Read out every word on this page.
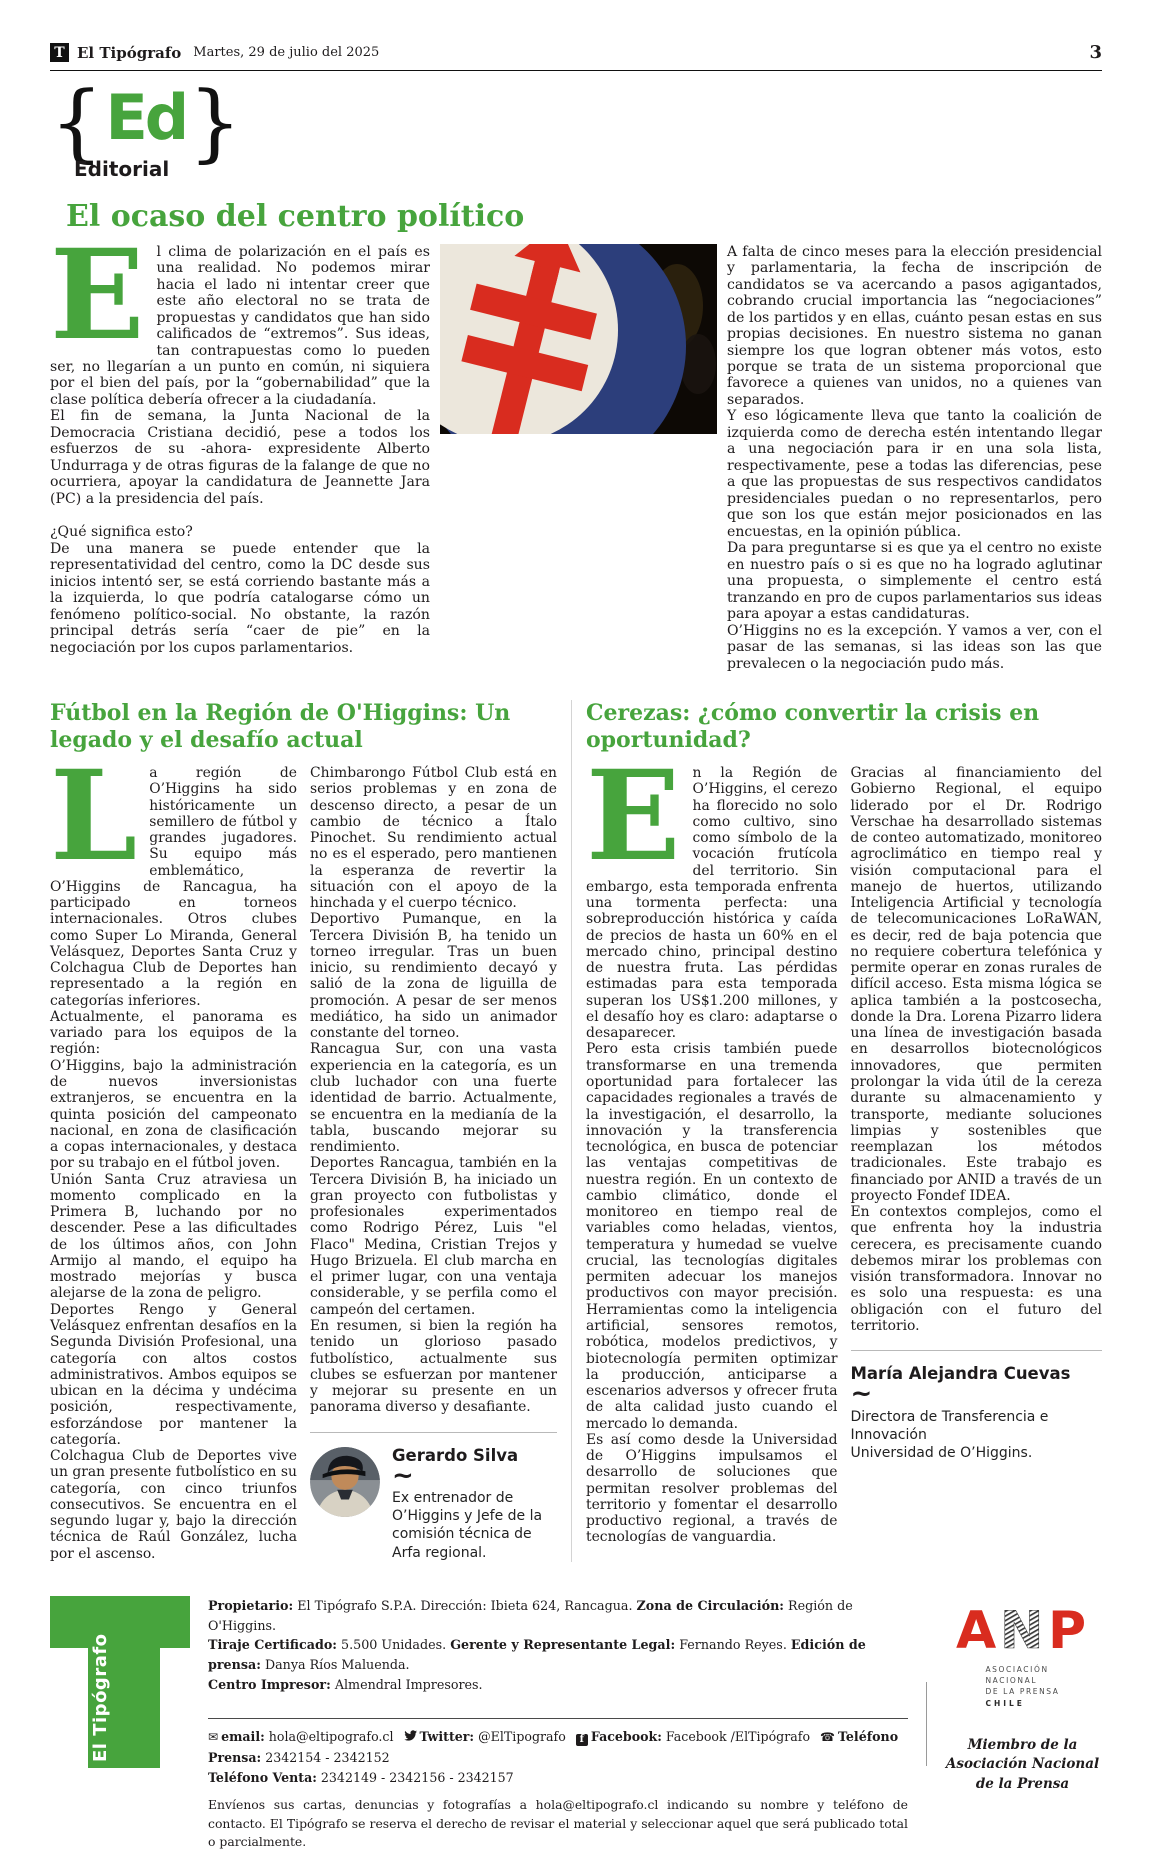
T El Tipógrafo Martes, 29 de julio del 2025	3
{ Ed }
Editorial
El ocaso del centro político

El clima de polarización en el país es una realidad. No podemos mirar hacia el lado ni intentar creer que este año electoral no se trata de propuestas y candidatos que han sido calificados de “extremos”. Sus ideas, tan contrapuestas como lo pueden ser, no llegarían a un punto en común, ni siquiera por el bien del país, por la “gobernabilidad” que la clase política debería ofrecer a la ciudadanía.

El fin de semana, la Junta Nacional de la Democracia Cristiana decidió, pese a todos los esfuerzos de su -ahora- expresidente Alberto Undurraga y de otras figuras de la falange de que no ocurriera, apoyar la candidatura de Jeannette Jara (PC) a la presidencia del país.

¿Qué significa esto?

De una manera se puede entender que la representatividad del centro, como la DC desde sus inicios intentó ser, se está corriendo bastante más a la izquierda, lo que podría catalogarse cómo un fenómeno político-social. No obstante, la razón principal detrás sería “caer de pie” en la negociación por los cupos parlamentarios.

A falta de cinco meses para la elección presidencial y parlamentaria, la fecha de inscripción de candidatos se va acercando a pasos agigantados, cobrando crucial importancia las “negociaciones” de los partidos y en ellas, cuánto pesan estas en sus propias decisiones. En nuestro sistema no ganan siempre los que logran obtener más votos, esto porque se trata de un sistema proporcional que favorece a quienes van unidos, no a quienes van separados.

Y eso lógicamente lleva que tanto la coalición de izquierda como de derecha estén intentando llegar a una negociación para ir en una sola lista, respectivamente, pese a todas las diferencias, pese a que las propuestas de sus respectivos candidatos presidenciales puedan o no representarlos, pero que son los que están mejor posicionados en las encuestas, en la opinión pública.

Da para preguntarse si es que ya el centro no existe en nuestro país o si es que no ha logrado aglutinar una propuesta, o simplemente el centro está tranzando en pro de cupos parlamentarios sus ideas para apoyar a estas candidaturas.

O’Higgins no es la excepción. Y vamos a ver, con el pasar de las semanas, si las ideas son las que prevalecen o la negociación pudo más.

Fútbol en la Región de O'Higgins: Un legado y el desafío actual

La región de O’Higgins ha sido históricamente un semillero de fútbol y grandes jugadores. Su equipo más emblemático, O’Higgins de Rancagua, ha participado en torneos internacionales. Otros clubes como Super Lo Miranda, General Velásquez, Deportes Santa Cruz y Colchagua Club de Deportes han representado a la región en categorías inferiores.

Actualmente, el panorama es variado para los equipos de la región:

O’Higgins, bajo la administración de nuevos inversionistas extranjeros, se encuentra en la quinta posición del campeonato nacional, en zona de clasificación a copas internacionales, y destaca por su trabajo en el fútbol joven.

Unión Santa Cruz atraviesa un momento complicado en la Primera B, luchando por no descender. Pese a las dificultades de los últimos años, con John Armijo al mando, el equipo ha mostrado mejorías y busca alejarse de la zona de peligro.

Deportes Rengo y General Velásquez enfrentan desafíos en la Segunda División Profesional, una categoría con altos costos administrativos. Ambos equipos se ubican en la décima y undécima posición, respectivamente, esforzándose por mantener la categoría.

Colchagua Club de Deportes vive un gran presente futbolístico en su categoría, con cinco triunfos consecutivos. Se encuentra en el segundo lugar y, bajo la dirección técnica de Raúl González, lucha por el ascenso.

Chimbarongo Fútbol Club está en serios problemas y en zona de descenso directo, a pesar de un cambio de técnico a Ítalo Pinochet. Su rendimiento actual no es el esperado, pero mantienen la esperanza de revertir la situación con el apoyo de la hinchada y el cuerpo técnico.

Deportivo Pumanque, en la Tercera División B, ha tenido un torneo irregular. Tras un buen inicio, su rendimiento decayó y salió de la zona de liguilla de promoción. A pesar de ser menos mediático, ha sido un animador constante del torneo.

Rancagua Sur, con una vasta experiencia en la categoría, es un club luchador con una fuerte identidad de barrio. Actualmente, se encuentra en la medianía de la tabla, buscando mejorar su rendimiento.

Deportes Rancagua, también en la Tercera División B, ha iniciado un gran proyecto con futbolistas y profesionales experimentados como Rodrigo Pérez, Luis "el Flaco" Medina, Cristian Trejos y Hugo Brizuela. El club marcha en el primer lugar, con una ventaja considerable, y se perfila como el campeón del certamen.

En resumen, si bien la región ha tenido un glorioso pasado futbolístico, actualmente sus clubes se esfuerzan por mantener y mejorar su presente en un panorama diverso y desafiante.

Gerardo Silva
~
Ex entrenador de O’Higgins y Jefe de la comisión técnica de Arfa regional.
Cerezas: ¿cómo convertir la crisis en oportunidad?

En la Región de O’Higgins, el cerezo ha florecido no solo como cultivo, sino como símbolo de la vocación frutícola del territorio. Sin embargo, esta temporada enfrenta una tormenta perfecta: una sobreproducción histórica y caída de precios de hasta un 60% en el mercado chino, principal destino de nuestra fruta. Las pérdidas estimadas para esta temporada superan los US$1.200 millones, y el desafío hoy es claro: adaptarse o desaparecer.

Pero esta crisis también puede transformarse en una tremenda oportunidad para fortalecer las capacidades regionales a través de la investigación, el desarrollo, la innovación y la transferencia tecnológica, en busca de potenciar las ventajas competitivas de nuestra región. En un contexto de cambio climático, donde el monitoreo en tiempo real de variables como heladas, vientos, temperatura y humedad se vuelve crucial, las tecnologías digitales permiten adecuar los manejos productivos con mayor precisión. Herramientas como la inteligencia artificial, sensores remotos, robótica, modelos predictivos, y biotecnología permiten optimizar la producción, anticiparse a escenarios adversos y ofrecer fruta de alta calidad justo cuando el mercado lo demanda.

Es así como desde la Universidad de O’Higgins impulsamos el desarrollo de soluciones que permitan resolver problemas del territorio y fomentar el desarrollo productivo regional, a través de tecnologías de vanguardia.

Gracias al financiamiento del Gobierno Regional, el equipo liderado por el Dr. Rodrigo Verschae ha desarrollado sistemas de conteo automatizado, monitoreo agroclimático en tiempo real y visión computacional para el manejo de huertos, utilizando Inteligencia Artificial y tecnología de telecomunicaciones LoRaWAN, es decir, red de baja potencia que no requiere cobertura telefónica y permite operar en zonas rurales de difícil acceso. Esta misma lógica se aplica también a la postcosecha, donde la Dra. Lorena Pizarro lidera una línea de investigación basada en desarrollos biotecnológicos innovadores, que permiten prolongar la vida útil de la cereza durante su almacenamiento y transporte, mediante soluciones limpias y sostenibles que reemplazan los métodos tradicionales. Este trabajo es financiado por ANID a través de un proyecto Fondef IDEA.

En contextos complejos, como el que enfrenta hoy la industria cerecera, es precisamente cuando debemos mirar los problemas con visión transformadora. Innovar no es solo una respuesta: es una obligación con el futuro del territorio.

María Alejandra Cuevas
~
Directora de Transferencia e Innovación
Universidad de O’Higgins.
El Tipógrafo

Propietario: El Tipógrafo S.P.A. Dirección: Ibieta 624, Rancagua. Zona de Circulación: Región de O'Higgins.

Tiraje Certificado: 5.500 Unidades. Gerente y Representante Legal: Fernando Reyes. Edición de prensa: Danya Ríos Maluenda.

Centro Impresor: Almendral Impresores.

✉ email: hola@eltipografo.cl Twitter: @ElTipografo f Facebook: Facebook /ElTipógrafo ☎ Teléfono Prensa: 2342154 - 2342152

Teléfono Venta: 2342149 - 2342156 - 2342157

Envíenos sus cartas, denuncias y fotografías a hola@eltipografo.cl indicando su nombre y teléfono de contacto. El Tipógrafo se reserva el derecho de revisar el material y seleccionar aquel que será publicado total o parcialmente.

A N P

ASOCIACIÓN
NACIONAL
DE LA PRENSA
CHILE
Miembro de la
Asociación Nacional de la Prensa
